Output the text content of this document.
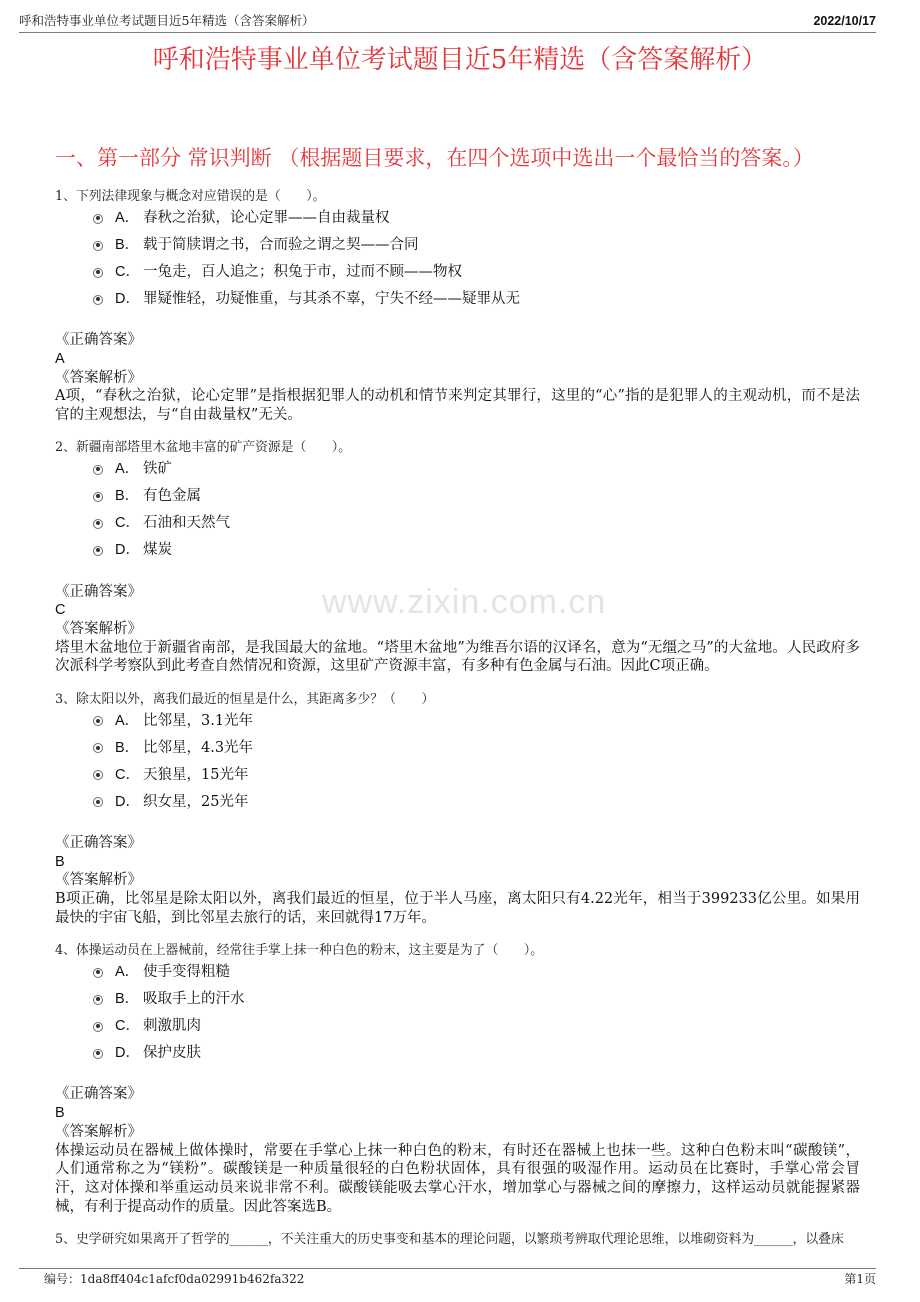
呼和浩特事业单位考试题目近5年精选（含答案解析）	2022/10/17
呼和浩特事业单位考试题目近5年精选（含答案解析）
一、第一部分 常识判断 （根据题目要求，在四个选项中选出一个最恰当的答案。）
www.zixin.com.cn
1、下列法律现象与概念对应错误的是（　　）。
A． 春秋之治狱，论心定罪——自由裁量权
B． 载于简牍谓之书，合而验之谓之契——合同
C． 一兔走，百人追之；积兔于市，过而不顾——物权
D． 罪疑惟轻，功疑惟重，与其杀不辜，宁失不经——疑罪从无
《正确答案》
A
《答案解析》
A项，“春秋之治狱，论心定罪”是指根据犯罪人的动机和情节来判定其罪行，这里的“心”指的是犯罪人的主观动机，而不是法
官的主观想法，与“自由裁量权”无关。
2、新疆南部塔里木盆地丰富的矿产资源是（　　）。
A． 铁矿
B． 有色金属
C． 石油和天然气
D． 煤炭
《正确答案》
C
《答案解析》
塔里木盆地位于新疆省南部，是我国最大的盆地。“塔里木盆地”为维吾尔语的汉译名，意为“无缰之马”的大盆地。人民政府多
次派科学考察队到此考查自然情况和资源，这里矿产资源丰富，有多种有色金属与石油。因此C项正确。
3、除太阳以外，离我们最近的恒星是什么，其距离多少？（　　）
A． 比邻星，3.1光年
B． 比邻星，4.3光年
C． 天狼星，15光年
D． 织女星，25光年
《正确答案》
B
《答案解析》
B项正确，比邻星是除太阳以外，离我们最近的恒星，位于半人马座，离太阳只有4.22光年，相当于399233亿公里。如果用
最快的宇宙飞船，到比邻星去旅行的话，来回就得17万年。
4、体操运动员在上器械前，经常往手掌上抹一种白色的粉末，这主要是为了（　　）。
A． 使手变得粗糙
B． 吸取手上的汗水
C． 刺激肌肉
D． 保护皮肤
《正确答案》
B
《答案解析》
体操运动员在器械上做体操时，常要在手掌心上抹一种白色的粉末，有时还在器械上也抹一些。这种白色粉末叫“碳酸镁”，
人们通常称之为“镁粉”。碳酸镁是一种质量很轻的白色粉状固体，具有很强的吸湿作用。运动员在比赛时，手掌心常会冒
汗，这对体操和举重运动员来说非常不利。碳酸镁能吸去掌心汗水，增加掌心与器械之间的摩擦力，这样运动员就能握紧器
械，有利于提高动作的质量。因此答案选B。
5、史学研究如果离开了哲学的______，不关注重大的历史事变和基本的理论问题，以繁琐考辨取代理论思维，以堆砌资料为______，以叠床
编号：1da8ff404c1afcf0da02991b462fa322	第1页
